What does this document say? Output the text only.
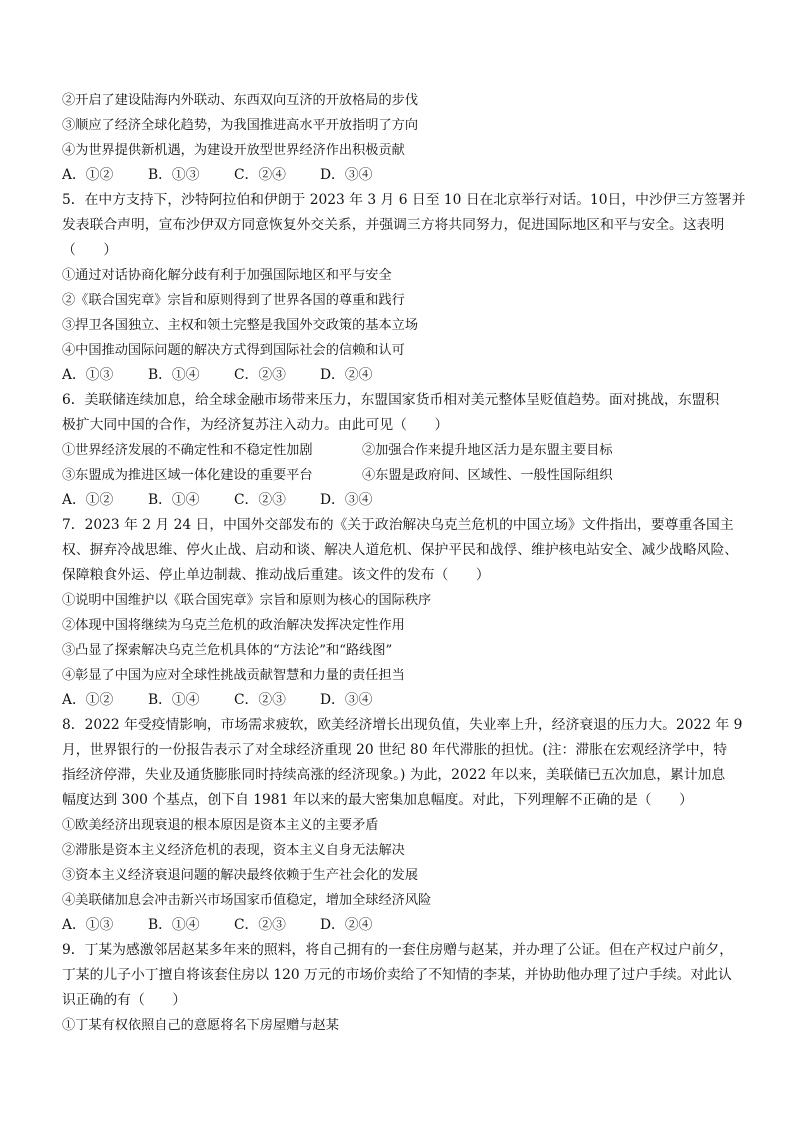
②开启了建设陆海内外联动、东西双向互济的开放格局的步伐
③顺应了经济全球化趋势，为我国推进高水平开放指明了方向
④为世界提供新机遇，为建设开放型世界经济作出积极贡献
A．①②	B．①③	C．②④	D．③④
5．在中方支持下，沙特阿拉伯和伊朗于 2023 年 3 月 6 日至 10 日在北京举行对话。10日，中沙伊三方签署并
发表联合声明，宣布沙伊双方同意恢复外交关系，并强调三方将共同努力，促进国际地区和平与安全。这表明
（　　）
①通过对话协商化解分歧有利于加强国际地区和平与安全
②《联合国宪章》宗旨和原则得到了世界各国的尊重和践行
③捍卫各国独立、主权和领土完整是我国外交政策的基本立场
④中国推动国际问题的解决方式得到国际社会的信赖和认可
A．①③	B．①④	C．②③	D．②④
6．美联储连续加息，给全球金融市场带来压力，东盟国家货币相对美元整体呈贬值趋势。面对挑战，东盟积
极扩大同中国的合作，为经济复苏注入动力。由此可见（　　）
①世界经济发展的不确定性和不稳定性加剧	②加强合作来提升地区活力是东盟主要目标
③东盟成为推进区域一体化建设的重要平台	④东盟是政府间、区域性、一般性国际组织
A．①②	B．①④	C．②③	D．③④
7．2023 年 2 月 24 日，中国外交部发布的《关于政治解决乌克兰危机的中国立场》文件指出，要尊重各国主
权、摒弃冷战思维、停火止战、启动和谈、解决人道危机、保护平民和战俘、维护核电站安全、减少战略风险、
保障粮食外运、停止单边制裁、推动战后重建。该文件的发布（　　）
①说明中国维护以《联合国宪章》宗旨和原则为核心的国际秩序
②体现中国将继续为乌克兰危机的政治解决发挥决定性作用
③凸显了探索解决乌克兰危机具体的“方法论”和“路线图”
④彰显了中国为应对全球性挑战贡献智慧和力量的责任担当
A．①②	B．①④	C．②③	D．③④
8．2022 年受疫情影响，市场需求疲软，欧美经济增长出现负值，失业率上升，经济衰退的压力大。2022 年 9
月，世界银行的一份报告表示了对全球经济重现 20 世纪 80 年代滞胀的担忧。(注：滞胀在宏观经济学中，特
指经济停滞，失业及通货膨胀同时持续高涨的经济现象。) 为此，2022 年以来，美联储已五次加息，累计加息
幅度达到 300 个基点，创下自 1981 年以来的最大密集加息幅度。对此，下列理解不正确的是（　　）
①欧美经济出现衰退的根本原因是资本主义的主要矛盾
②滞胀是资本主义经济危机的表现，资本主义自身无法解决
③资本主义经济衰退问题的解决最终依赖于生产社会化的发展
④美联储加息会冲击新兴市场国家币值稳定，增加全球经济风险
A．①③	B．①④	C．②③	D．②④
9．丁某为感激邻居赵某多年来的照料，将自己拥有的一套住房赠与赵某，并办理了公证。但在产权过户前夕，
丁某的儿子小丁擅自将该套住房以 120 万元的市场价卖给了不知情的李某，并协助他办理了过户手续。对此认
识正确的有（　　）
①丁某有权依照自己的意愿将名下房屋赠与赵某
